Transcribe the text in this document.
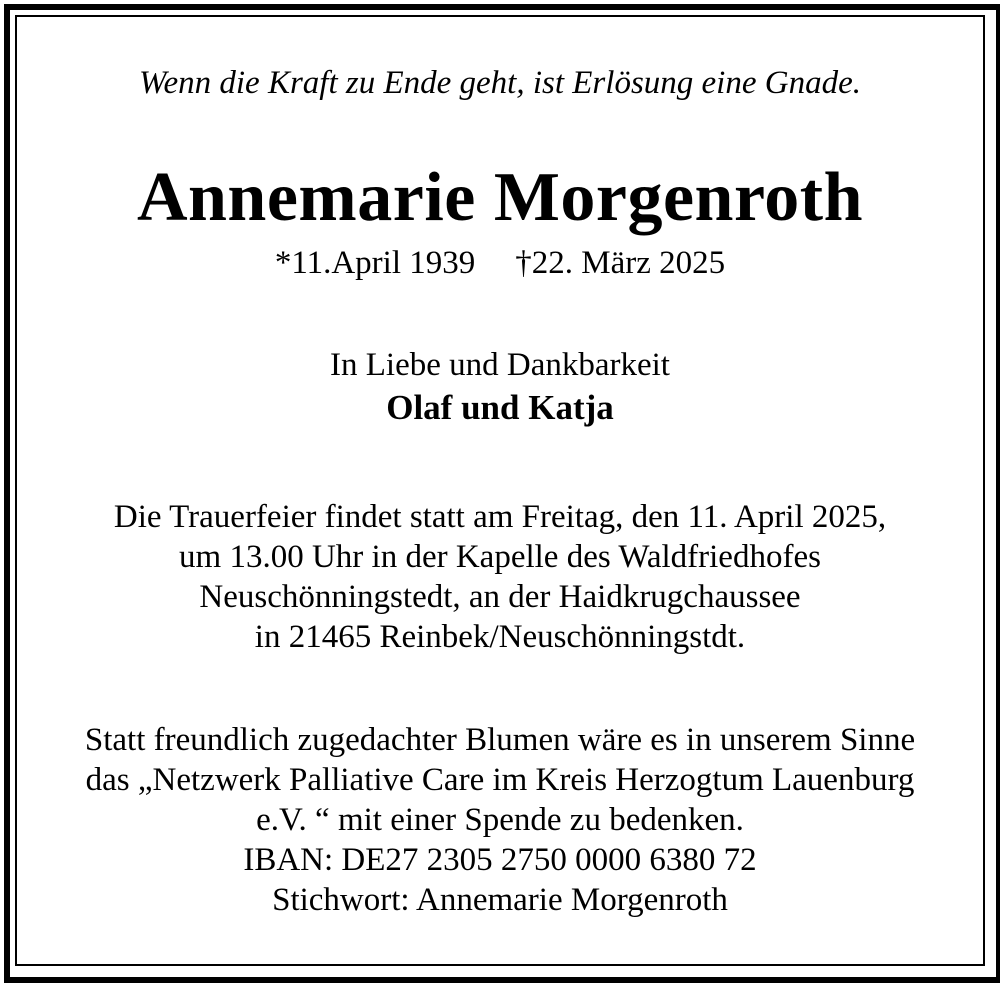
Wenn die Kraft zu Ende geht, ist Erlösung eine Gnade.
Annemarie Morgenroth
*11.April 1939 †22. März 2025
In Liebe und Dankbarkeit
Olaf und Katja
Die Trauerfeier findet statt am Freitag, den 11. April 2025,
um 13.00 Uhr in der Kapelle des Waldfriedhofes
Neuschönningstedt, an der Haidkrugchaussee
in 21465 Reinbek/Neuschönningstdt.
Statt freundlich zugedachter Blumen wäre es in unserem Sinne
das „Netzwerk Palliative Care im Kreis Herzogtum Lauenburg
e.V. “ mit einer Spende zu bedenken.
IBAN: DE27 2305 2750 0000 6380 72
Stichwort: Annemarie Morgenroth
